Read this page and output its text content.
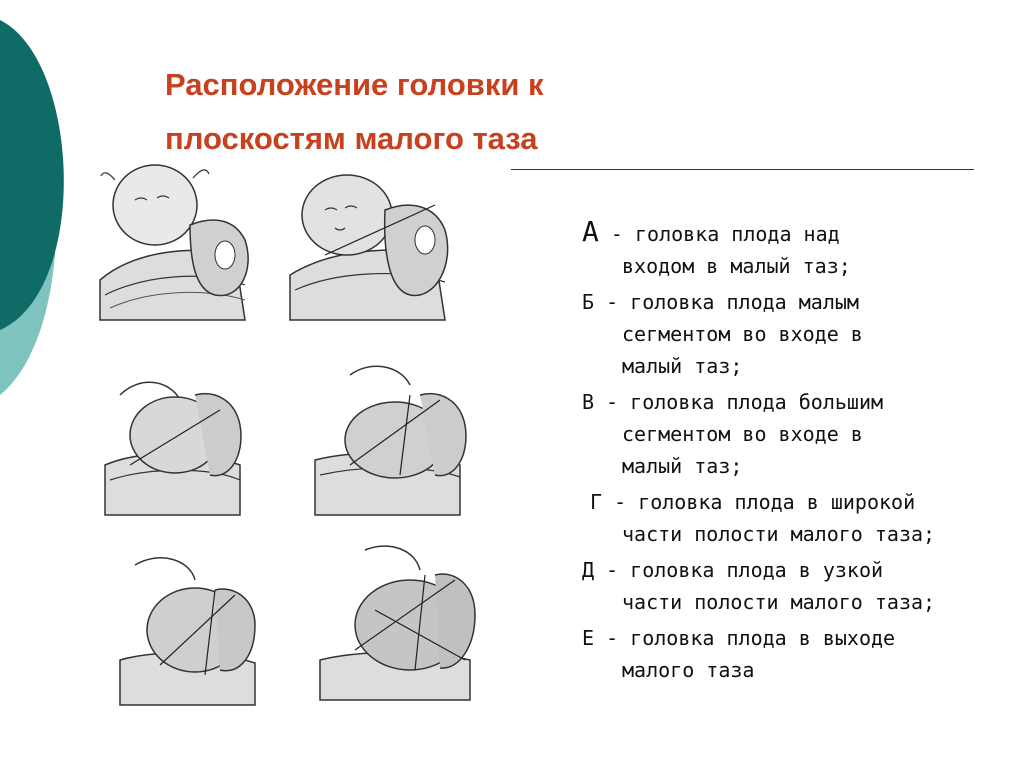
Расположение головки к
плоскостям малого таза
А - головка плода над
входом в малый таз;
Б - головка плода малым
сегментом во входе в
малый таз;
В - головка плода большим
сегментом во входе в
малый таз;
Г - головка плода в широкой
части полости малого таза;
Д - головка плода в узкой
части полости малого таза;
Е - головка плода в выходе
малого таза
